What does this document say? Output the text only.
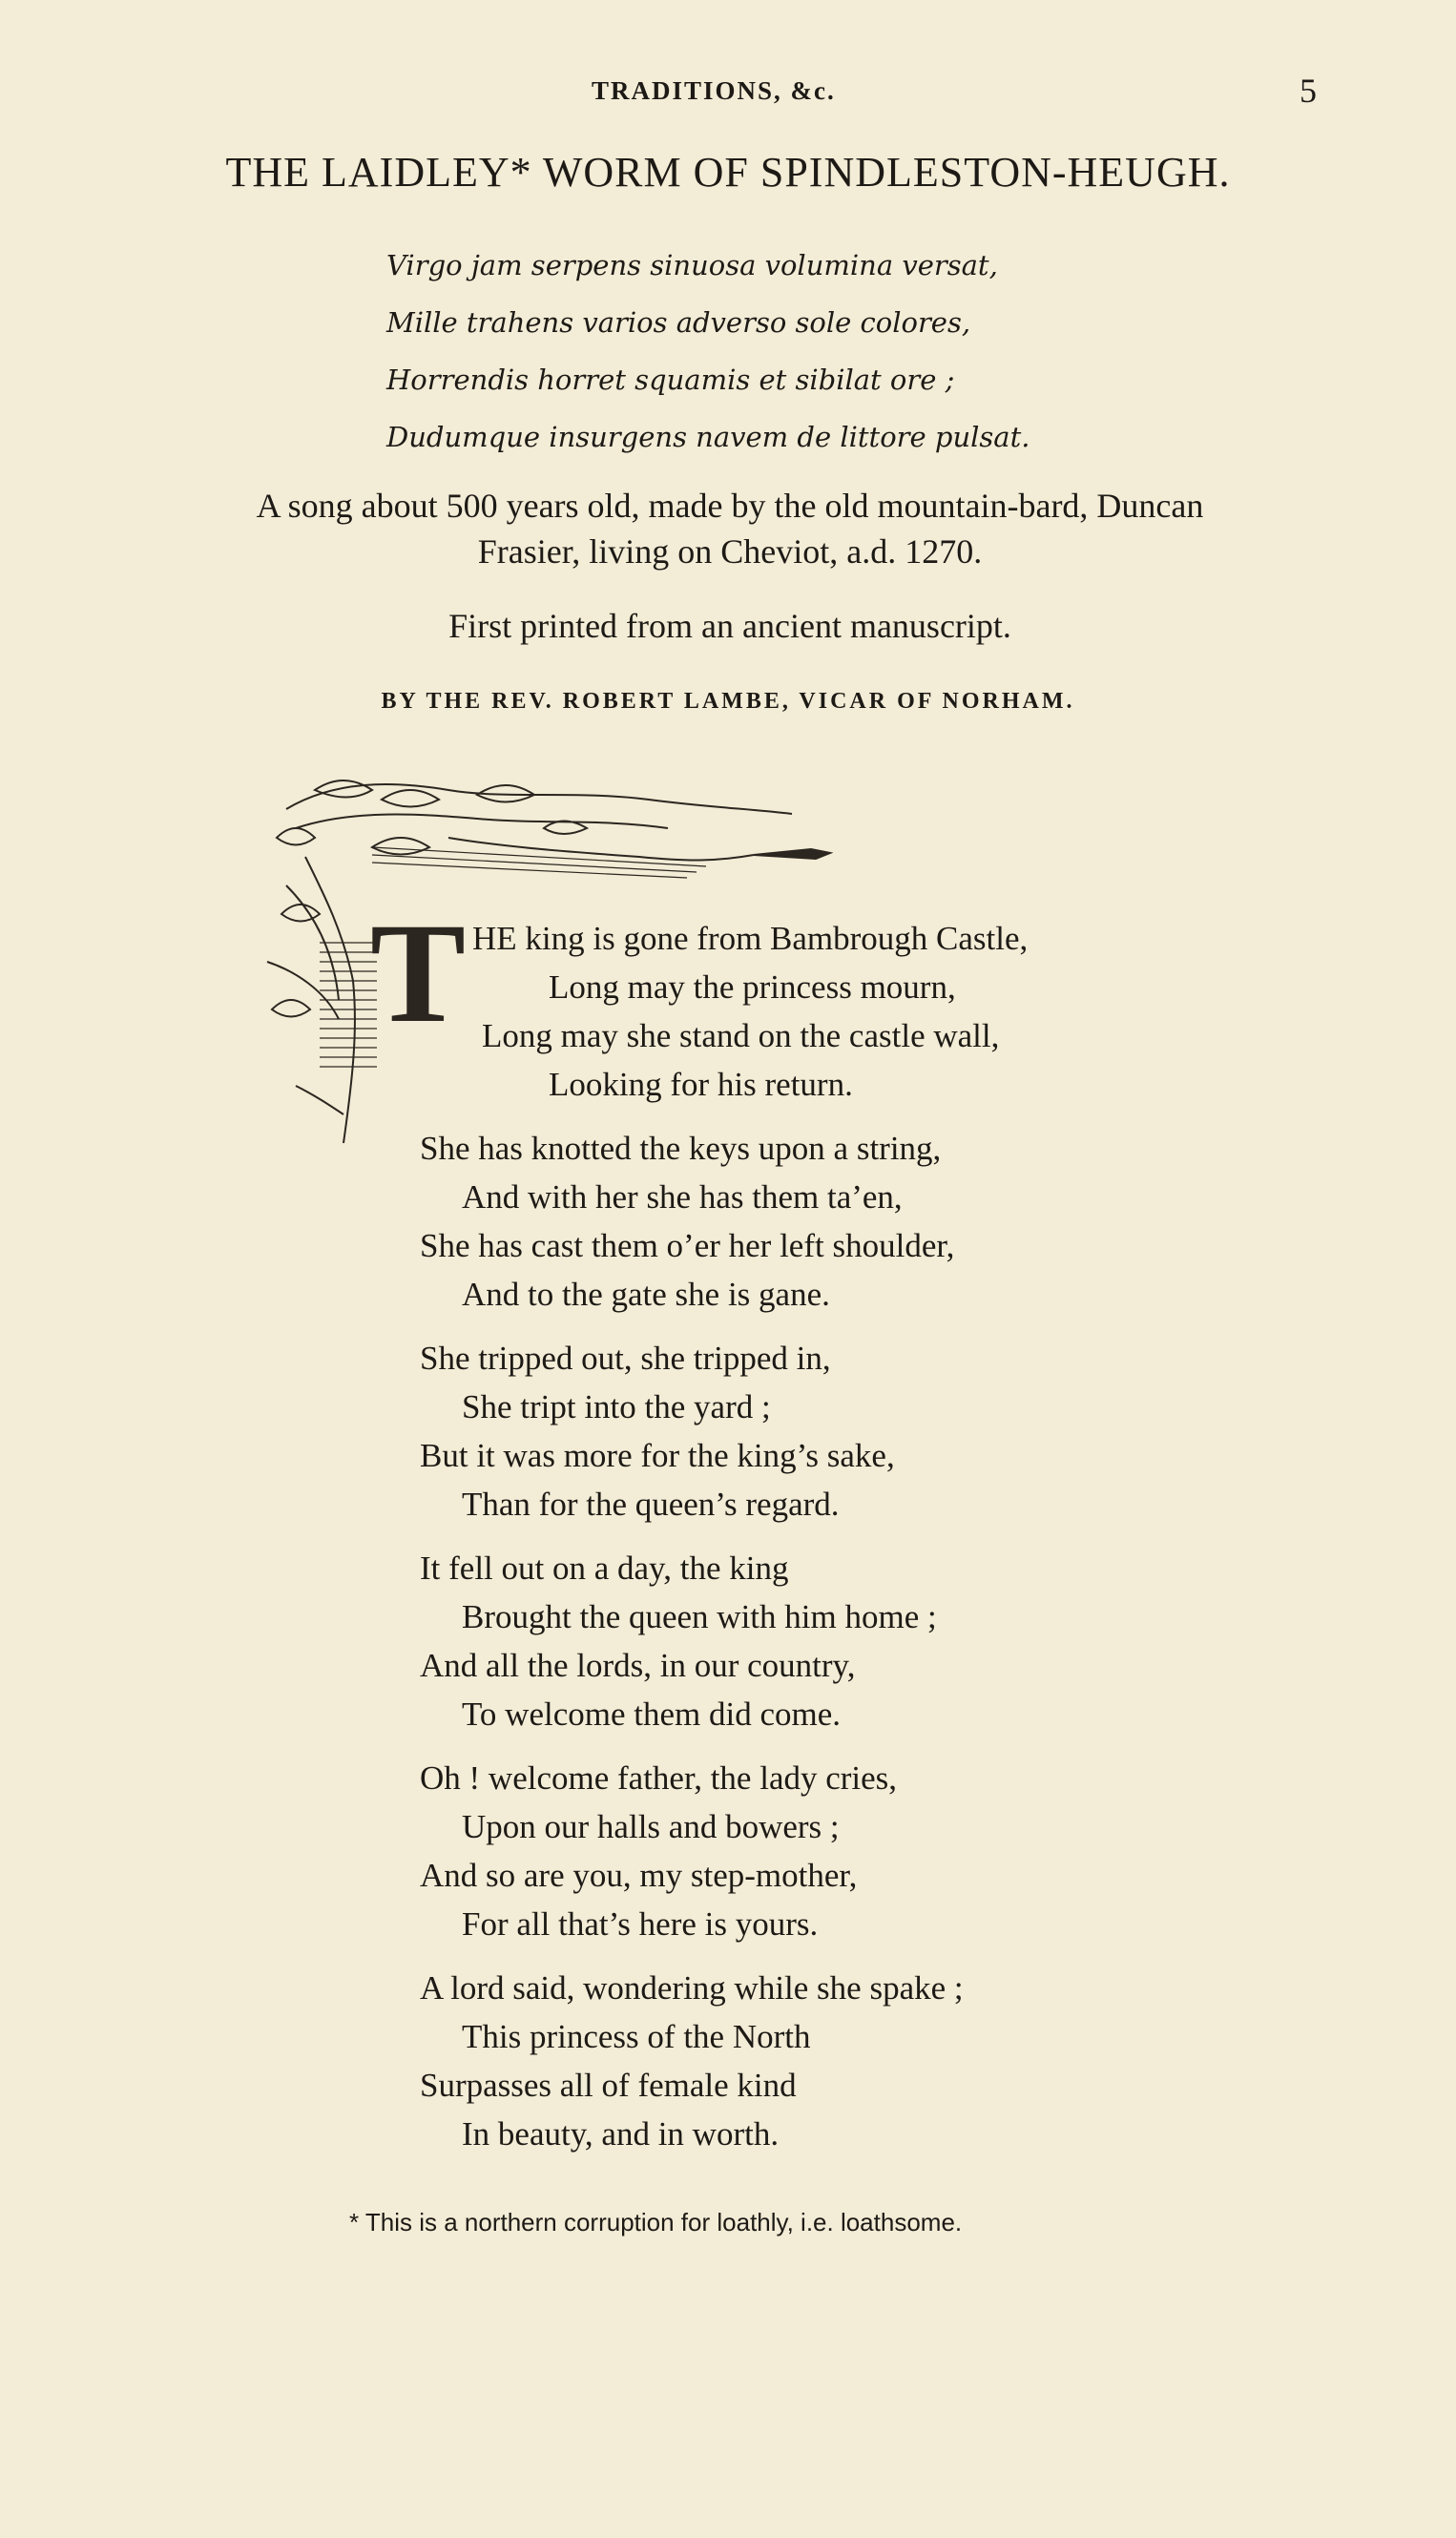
TRADITIONS, &c.	5
THE LAIDLEY* WORM OF SPINDLESTON-HEUGH.
Virgo jam serpens sinuosa volumina versat,
Mille trahens varios adverso sole colores,
Horrendis horret squamis et sibilat ore ;
Dudumque insurgens navem de littore pulsat.
A song about 500 years old, made by the old mountain-bard, Duncan
Frasier, living on Cheviot, a.d. 1270.
First printed from an ancient manuscript.
BY THE REV. ROBERT LAMBE, VICAR OF NORHAM.
T HE king is gone from Bambrough Castle,
Long may the princess mourn,
Long may she stand on the castle wall,
Looking for his return.
She has knotted the keys upon a string,
And with her she has them ta’en,
She has cast them o’er her left shoulder,
And to the gate she is gane.
She tripped out, she tripped in,
She tript into the yard ;
But it was more for the king’s sake,
Than for the queen’s regard.
It fell out on a day, the king
Brought the queen with him home ;
And all the lords, in our country,
To welcome them did come.
Oh ! welcome father, the lady cries,
Upon our halls and bowers ;
And so are you, my step-mother,
For all that’s here is yours.
A lord said, wondering while she spake ;
This princess of the North
Surpasses all of female kind
In beauty, and in worth.
* This is a northern corruption for loathly, i.e. loathsome.
